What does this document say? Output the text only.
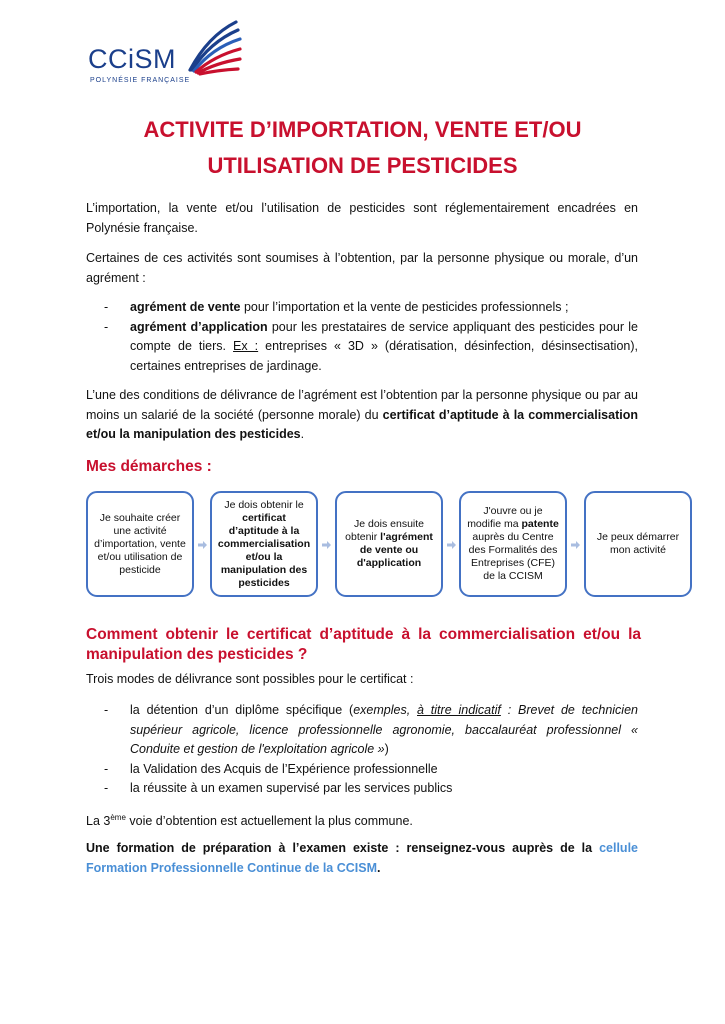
CCiSM
POLYNÉSIE FRANÇAISE
ACTIVITE D’IMPORTATION, VENTE ET/OU
UTILISATION DE PESTICIDES
L’importation, la vente et/ou l’utilisation de pesticides sont réglementairement encadrées en Polynésie française.
Certaines de ces activités sont soumises à l’obtention, par la personne physique ou morale, d’un agrément :
- agrément de vente pour l’importation et la vente de pesticides professionnels ;
- agrément d’application pour les prestataires de service appliquant des pesticides pour le compte de tiers. Ex : entreprises « 3D » (dératisation, désinfection, désinsectisation), certaines entreprises de jardinage.
L’une des conditions de délivrance de l’agrément est l’obtention par la personne physique ou par au moins un salarié de la société (personne morale) du certificat d’aptitude à la commercialisation et/ou la manipulation des pesticides.
Mes démarches :
Je souhaite créer une activité d’importation, vente et/ou utilisation de pesticide
Je dois obtenir le certificat d’aptitude à la commercialisation et/ou la manipulation des pesticides
Je dois ensuite obtenir l'agrément de vente ou d'application
J'ouvre ou je modifie ma patente auprès du Centre des Formalités des Entreprises (CFE) de la CCISM
Je peux démarrer mon activité
Comment obtenir le certificat d’aptitude à la commercialisation et/ou la manipulation des pesticides ?
Trois modes de délivrance sont possibles pour le certificat :
- la détention d’un diplôme spécifique (exemples, à titre indicatif : Brevet de technicien supérieur agricole, licence professionnelle agronomie, baccalauréat professionnel « Conduite et gestion de l'exploitation agricole »)
- la Validation des Acquis de l’Expérience professionnelle
- la réussite à un examen supervisé par les services publics
La 3ème voie d’obtention est actuellement la plus commune.
Une formation de préparation à l’examen existe : renseignez-vous auprès de la cellule Formation Professionnelle Continue de la CCISM.
